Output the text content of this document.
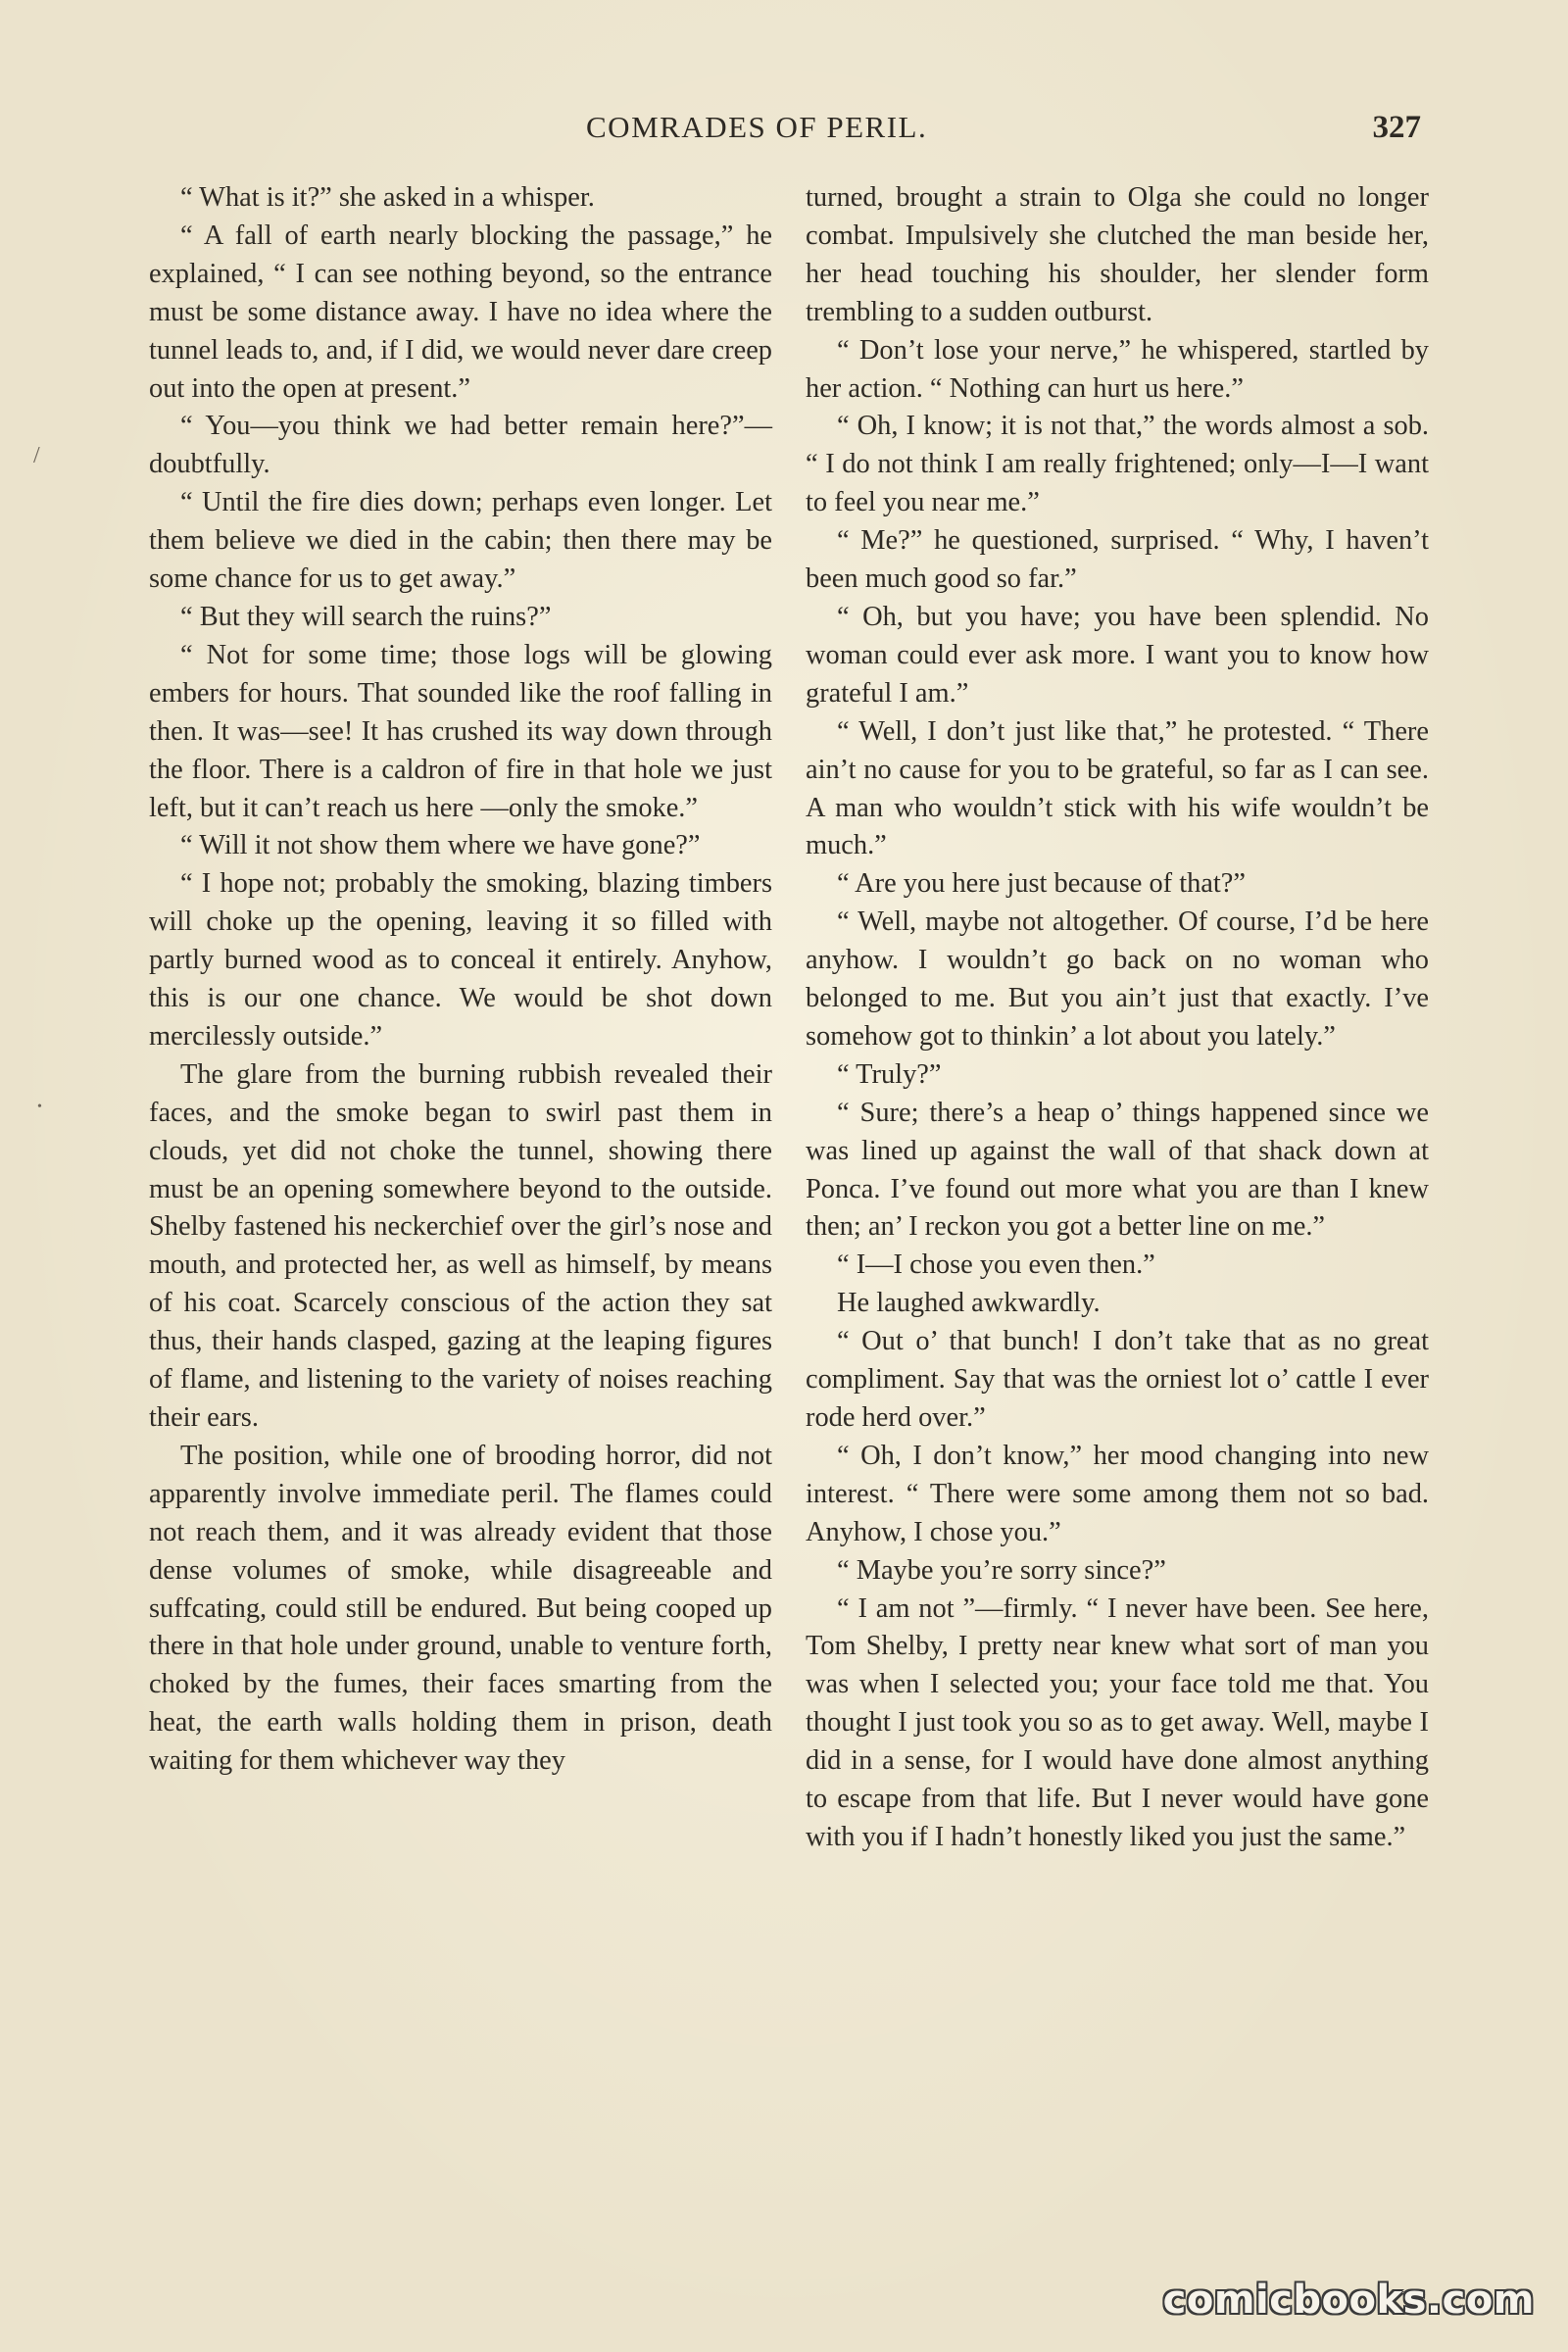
COMRADES OF PERIL.	327

“ What is it?” she asked in a whisper.

“ A fall of earth nearly blocking the passage,” he explained, “ I can see nothing beyond, so the entrance must be some distance away. I have no idea where the tunnel leads to, and, if I did, we would never dare creep out into the open at present.”

“ You—you think we had better remain here?”—doubtfully.

“ Until the fire dies down; perhaps even longer. Let them believe we died in the cabin; then there may be some chance for us to get away.”

“ But they will search the ruins?”

“ Not for some time; those logs will be glowing embers for hours. That sounded like the roof falling in then. It was—see! It has crushed its way down through the floor. There is a caldron of fire in that hole we just left, but it can’t reach us here —only the smoke.”

“ Will it not show them where we have gone?”

“ I hope not; probably the smoking, blazing timbers will choke up the opening, leaving it so filled with partly burned wood as to conceal it entirely. Anyhow, this is our one chance. We would be shot down mercilessly outside.”

The glare from the burning rubbish revealed their faces, and the smoke began to swirl past them in clouds, yet did not choke the tunnel, showing there must be an opening somewhere beyond to the outside. Shelby fastened his neckerchief over the girl’s nose and mouth, and protected her, as well as himself, by means of his coat. Scarcely conscious of the action they sat thus, their hands clasped, gazing at the leaping figures of flame, and listening to the variety of noises reaching their ears.

The position, while one of brooding horror, did not apparently involve immediate peril. The flames could not reach them, and it was already evident that those dense volumes of smoke, while disagreeable and suffcating, could still be endured. But being cooped up there in that hole under ground, unable to venture forth, choked by the fumes, their faces smarting from the heat, the earth walls holding them in prison, death waiting for them whichever way they

turned, brought a strain to Olga she could no longer combat. Impulsively she clutched the man beside her, her head touching his shoulder, her slender form trembling to a sudden outburst.

“ Don’t lose your nerve,” he whispered, startled by her action. “ Nothing can hurt us here.”

“ Oh, I know; it is not that,” the words almost a sob. “ I do not think I am really frightened; only—I—I want to feel you near me.”

“ Me?” he questioned, surprised. “ Why, I haven’t been much good so far.”

“ Oh, but you have; you have been splendid. No woman could ever ask more. I want you to know how grateful I am.”

“ Well, I don’t just like that,” he protested. “ There ain’t no cause for you to be grateful, so far as I can see. A man who wouldn’t stick with his wife wouldn’t be much.”

“ Are you here just because of that?”

“ Well, maybe not altogether. Of course, I’d be here anyhow. I wouldn’t go back on no woman who belonged to me. But you ain’t just that exactly. I’ve somehow got to thinkin’ a lot about you lately.”

“ Truly?”

“ Sure; there’s a heap o’ things happened since we was lined up against the wall of that shack down at Ponca. I’ve found out more what you are than I knew then; an’ I reckon you got a better line on me.”

“ I—I chose you even then.”

He laughed awkwardly.

“ Out o’ that bunch! I don’t take that as no great compliment. Say that was the orniest lot o’ cattle I ever rode herd over.”

“ Oh, I don’t know,” her mood changing into new interest. “ There were some among them not so bad. Anyhow, I chose you.”

“ Maybe you’re sorry since?”

“ I am not ”—firmly. “ I never have been. See here, Tom Shelby, I pretty near knew what sort of man you was when I selected you; your face told me that. You thought I just took you so as to get away. Well, maybe I did in a sense, for I would have done almost anything to escape from that life. But I never would have gone with you if I hadn’t honestly liked you just the same.”

/
•
comicbooks.com
